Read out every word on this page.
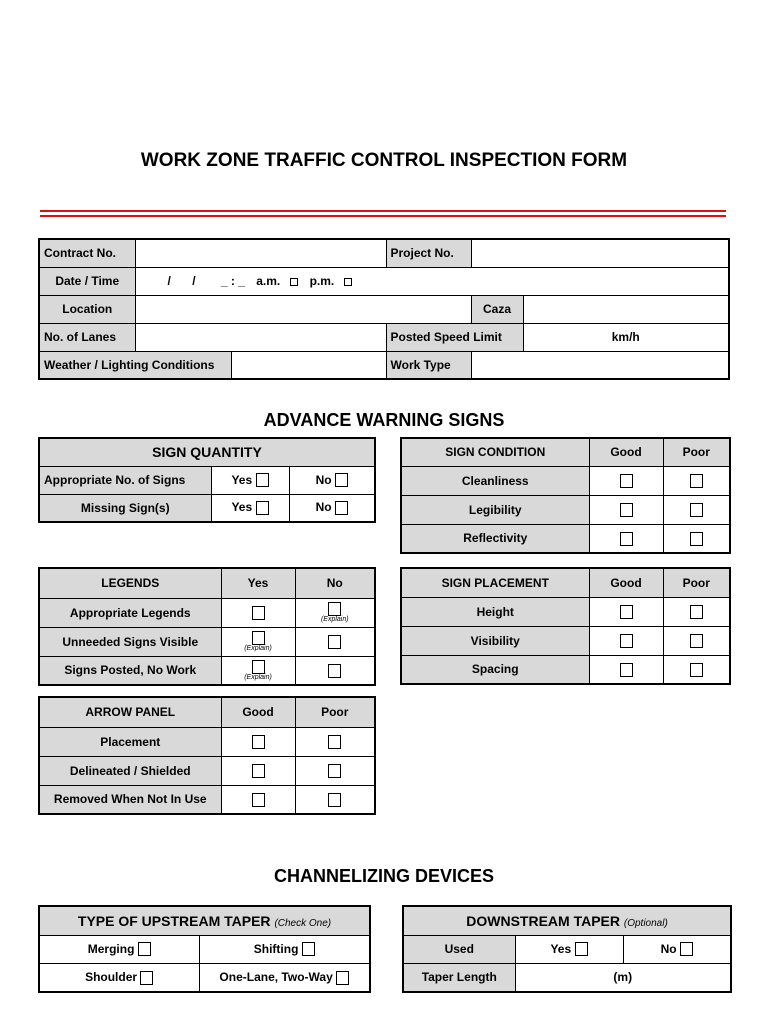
WORK ZONE TRAFFIC CONTROL INSPECTION FORM
Contract No.			Project No.		
Date / Time	/ / _ : _ a.m. p.m.				
Location				Caza	
No. of Lanes			Posted Speed Limit		km/h
Weather / Lighting Conditions			Work Type		
ADVANCE WARNING SIGNS
SIGN QUANTITY		
Appropriate No. of Signs	Yes	No
Missing Sign(s)	Yes	No
SIGN CONDITION	Good	Poor
Cleanliness		
Legibility		
Reflectivity		
LEGENDS	Yes	No
Appropriate Legends		(Explain)

Unneeded Signs Visible	(Explain)	

Signs Posted, No Work	(Explain)	

SIGN PLACEMENT	Good	Poor
Height		
Visibility		
Spacing		
ARROW PANEL	Good	Poor
Placement		
Delineated / Shielded		
Removed When Not In Use		
CHANNELIZING DEVICES
TYPE OF UPSTREAM TAPER (Check One)	
Merging	Shifting
Shoulder	One-Lane, Two-Way
DOWNSTREAM TAPER (Optional)		
Used	Yes	No
Taper Length	(m)	
